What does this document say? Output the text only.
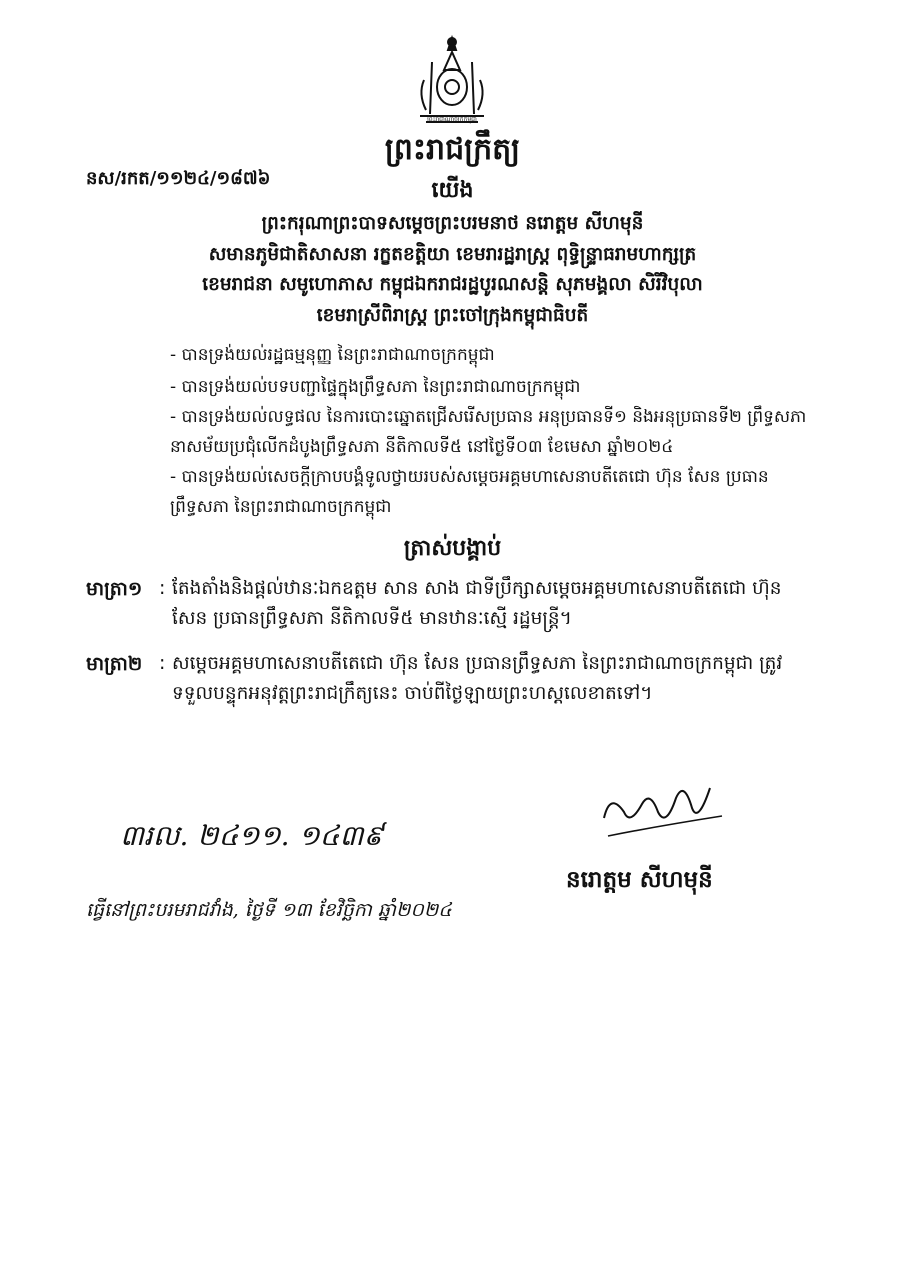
ព្រះរាជាណាចក្រកម្ពុជា
ព្រះរាជក្រឹត្យ
នស/រកត/១១២៤/១៨៧៦	យើង
ព្រះករុណាព្រះបាទសម្តេចព្រះបរមនាថ នរោត្តម សីហមុនី
សមានភូមិជាតិសាសនា រក្ខតខត្តិយា ខេមរារដ្ឋរាស្ត្រ ពុទ្ធិន្ទ្រាធរាមហាក្សត្រ
ខេមរាជនា សមូហោភាស កម្ពុជឯករាជរដ្ឋបូរណសន្តិ សុភមង្គលា សិរីវិបុលា
ខេមរាស្រីពិរាស្ត្រ ព្រះចៅក្រុងកម្ពុជាធិបតី
- បានទ្រង់យល់រដ្ឋធម្មនុញ្ញ នៃព្រះរាជាណាចក្រកម្ពុជា
- បានទ្រង់យល់បទបញ្ជាផ្ទៃក្នុងព្រឹទ្ធសភា នៃព្រះរាជាណាចក្រកម្ពុជា
- បានទ្រង់យល់លទ្ធផល នៃការបោះឆ្នោតជ្រើសរើសប្រធាន អនុប្រធានទី១ និងអនុប្រធានទី២ ព្រឹទ្ធសភា នាសម័យប្រជុំលើកដំបូងព្រឹទ្ធសភា នីតិកាលទី៥ នៅថ្ងៃទី០៣ ខែមេសា ឆ្នាំ២០២៤
- បានទ្រង់យល់សេចក្តីក្រាបបង្គំទូលថ្វាយរបស់សម្តេចអគ្គមហាសេនាបតីតេជោ ហ៊ុន សែន ប្រធានព្រឹទ្ធសភា នៃព្រះរាជាណាចក្រកម្ពុជា
ត្រាស់បង្គាប់
មាត្រា១ : តែងតាំងនិងផ្តល់ឋានៈឯកឧត្តម សាន សាង ជាទីប្រឹក្សាសម្តេចអគ្គមហាសេនាបតីតេជោ ហ៊ុន សែន ប្រធានព្រឹទ្ធសភា នីតិកាលទី៥ មានឋានៈស្មើ រដ្ឋមន្ត្រី។
មាត្រា២ : សម្តេចអគ្គមហាសេនាបតីតេជោ ហ៊ុន សែន ប្រធានព្រឹទ្ធសភា នៃព្រះរាជាណាចក្រកម្ពុជា ត្រូវទទួលបន្ទុកអនុវត្តព្រះរាជក្រឹត្យនេះ ចាប់ពីថ្ងៃឡាយព្រះហស្តលេខាតទៅ។
៣រល. ២៤១១. ១៤៣៩
នរោត្តម សីហមុនី
ធ្វើនៅព្រះបរមរាជវាំង, ថ្ងៃទី ១៣ ខែវិច្ឆិកា ឆ្នាំ២០២៤
